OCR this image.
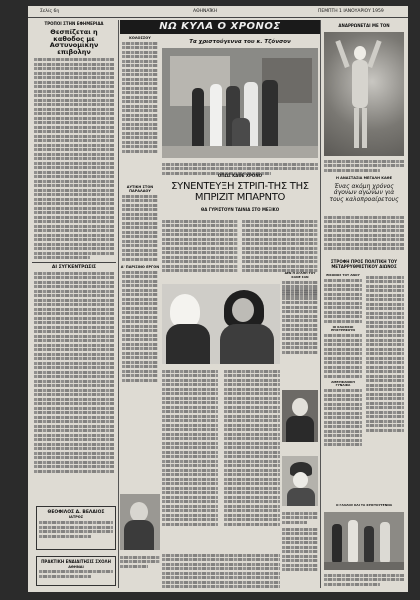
Σελίς 6η	ΑΘΗΝΑΪΚΗ	ΠΕΜΠΤΗ 1 ΙΑΝΟΥΑΡΙΟΥ 1959
ΤΡΟΠΟΙ ΣΤΗΝ ΕΦΗΜΕΡΙΔΑ
Θεσπίζεται η καθοδος με Αστυνομικην επιβολην
ΑΙ ΣΥΓΚΕΝΤΡΩΣΙΣ
ΘΕΟΦΙΛΟΣ Δ. ΒΕΛΑΙΟΣ
ΙΑΤΡΟΣ
ΠΡΑΚΤΙΚΗ ΕΝΔΙΑΙΤΗΣΙΣ ΣΧΟΛΗ
ΑΘΗΝΑΙ
ΝΩ ΚΥΛΑ Ο ΧΡΟΝΟΣ
ΚΟΛΟΣΣΟΥ
Τα χριστούγεννα του κ. Τζόνσον
ΟΠΩΣ ΚΑΘΕ ΧΡΟΝΟ
ΣΥΝΕΝΤΕΥΞΗ ΣΤΡΙΠ-ΤΗΣ ΤΗΣ ΜΠΡΙΖΙΤ ΜΠΑΡΝΤΟ
ΘΑ ΓΥΡΙΣΤΟΥΝ ΤΑΙΝΙΑ ΣΤΟ ΜΕΞΙΚΟ
ΔΥΤΙΚΗ ΣΤΟΝ ΠΑΡΑΛΑΟΥ
Α' ΠΑΡΙΣΙΝΟ ΕΡΓΟΝ
ΑΝΑΡΡΩΝΕΤΑΙ ΜΕ ΤΟΝ
Η ΑΝΑΣΤΑΣΙΑ ΜΕΓΑΛΗ ΚΑΘΕ
Ένας ακόμη χρόνος άγονων αγώνων για τους καλοπροαίρετους
ΣΤΡΟΦΗ ΠΡΟΣ ΠΟΛΙΤΙΚΗ ΤΟΥ ΜΕΤΑΡΡΥΘΜΙΣΤΙΚΟΥ ΑΙΩΝΟΣ
ΔΕΝ Η ΑΓΑΠΗ ΤΟΥ ΚΑΝΕ ΣΑΝ	ΕΙΚΟΝΟΣ ΤΟΥ ΑΝΟΥ
ΟΙ ΚΛΑΣΙΚΟΙ ΕΠΙΣΤΡΕΦΟΥΝ
ΑΜΕΡΙΚΑΝΙΚΗ ΓΥΝΑΙΚΑ
Ο ΓΑΛΛΟΣ ΚΑΙ ΤΑ ΧΡΙΣΤΟΥΓΕΝΝΑ
